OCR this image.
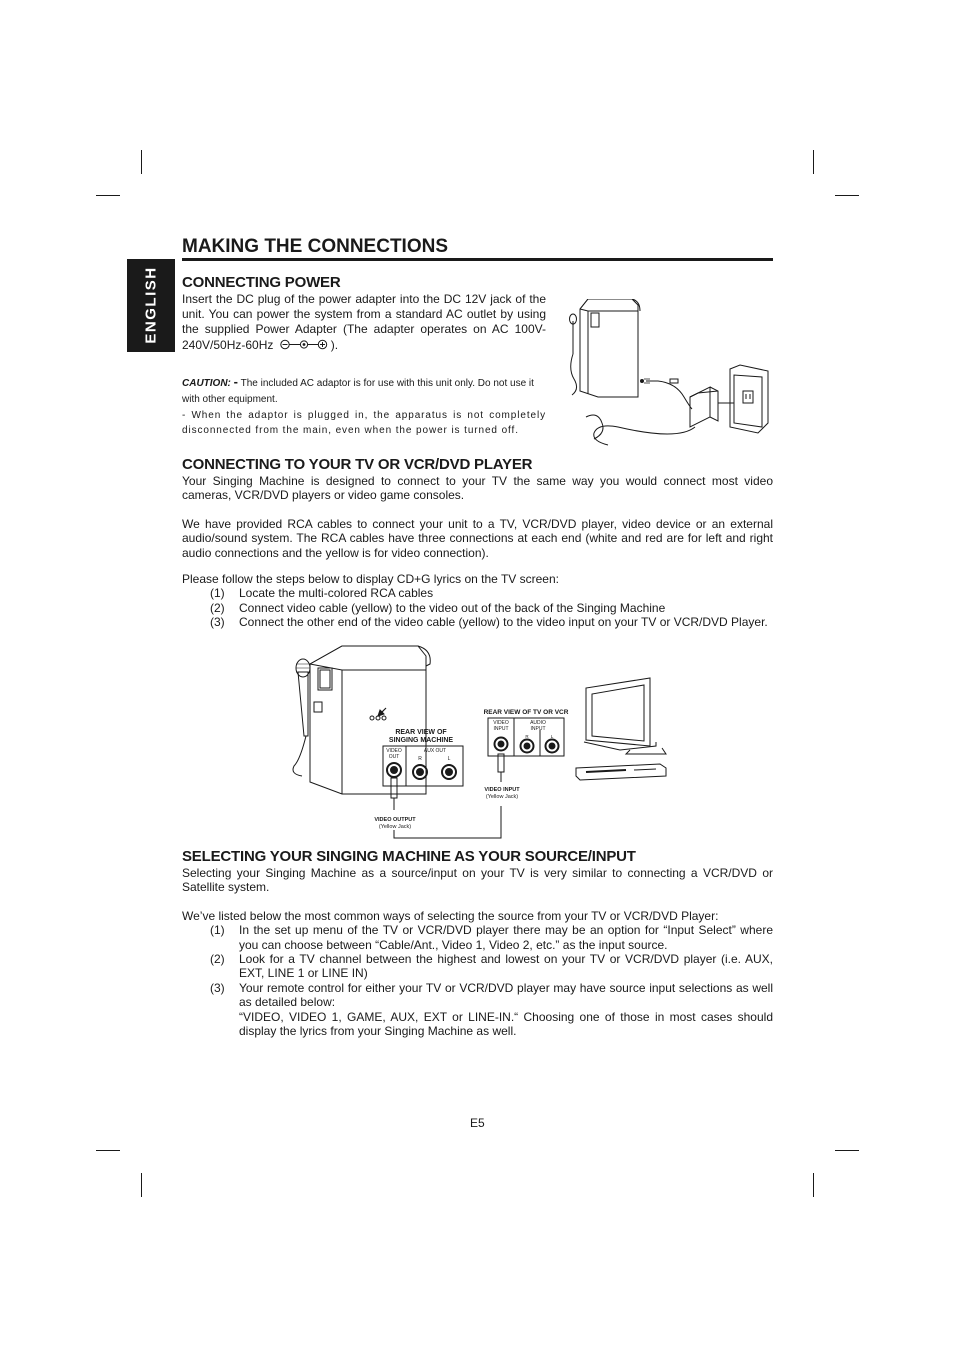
ENGLISH
MAKING THE CONNECTIONS
CONNECTING POWER
Insert the DC plug of the power adapter into the DC 12V jack of the unit. You can power the system from a standard AC outlet by using the supplied Power Adapter (The adapter operates on AC 100V-240V/50Hz-60Hz	).
CAUTION: - The included AC adaptor is for use with this unit only. Do not use it with other equipment.
- When the adaptor is plugged in, the apparatus is not completely disconnected from the main, even when the power is turned off.
CONNECTING TO YOUR TV OR VCR/DVD PLAYER

Your Singing Machine is designed to connect to your TV the same way you would connect most video cameras, VCR/DVD players or video game consoles.

We have provided RCA cables to connect your unit to a TV, VCR/DVD player, video device or an external audio/sound system. The RCA cables have three connections at each end (white and red are for left and right audio connections and the yellow is for video connection).

Please follow the steps below to display CD+G lyrics on the TV screen:

(1) Locate the multi-colored RCA cables
(2) Connect video cable (yellow) to the video out of the back of the Singing Machine
(3) Connect the other end of the video cable (yellow) to the video input on your TV or VCR/DVD Player.
REAR VIEW OF
SINGING MACHINE
VIDEO
OUT
AUX OUT
R	L
VIDEO OUTPUT
(Yellow Jack)
REAR VIEW OF TV OR VCR
VIDEO
INPUT
AUDIO
INPUT
R	L
VIDEO INPUT
(Yellow Jack)
SELECTING YOUR SINGING MACHINE AS YOUR SOURCE/INPUT

Selecting your Singing Machine as a source/input on your TV is very similar to connecting a VCR/DVD or Satellite system.

We’ve listed below the most common ways of selecting the source from your TV or VCR/DVD Player:

(1) In the set up menu of the TV or VCR/DVD player there may be an option for “Input Select” where you can choose between “Cable/Ant., Video 1, Video 2, etc.” as the input source.
(2) Look for a TV channel between the highest and lowest on your TV or VCR/DVD player (i.e. AUX, EXT, LINE 1 or LINE IN)
(3) Your remote control for either your TV or VCR/DVD player may have source input selections as well as detailed below:
“VIDEO, VIDEO 1, GAME, AUX, EXT or LINE-IN.“ Choosing one of those in most cases should display the lyrics from your Singing Machine as well.
E5
